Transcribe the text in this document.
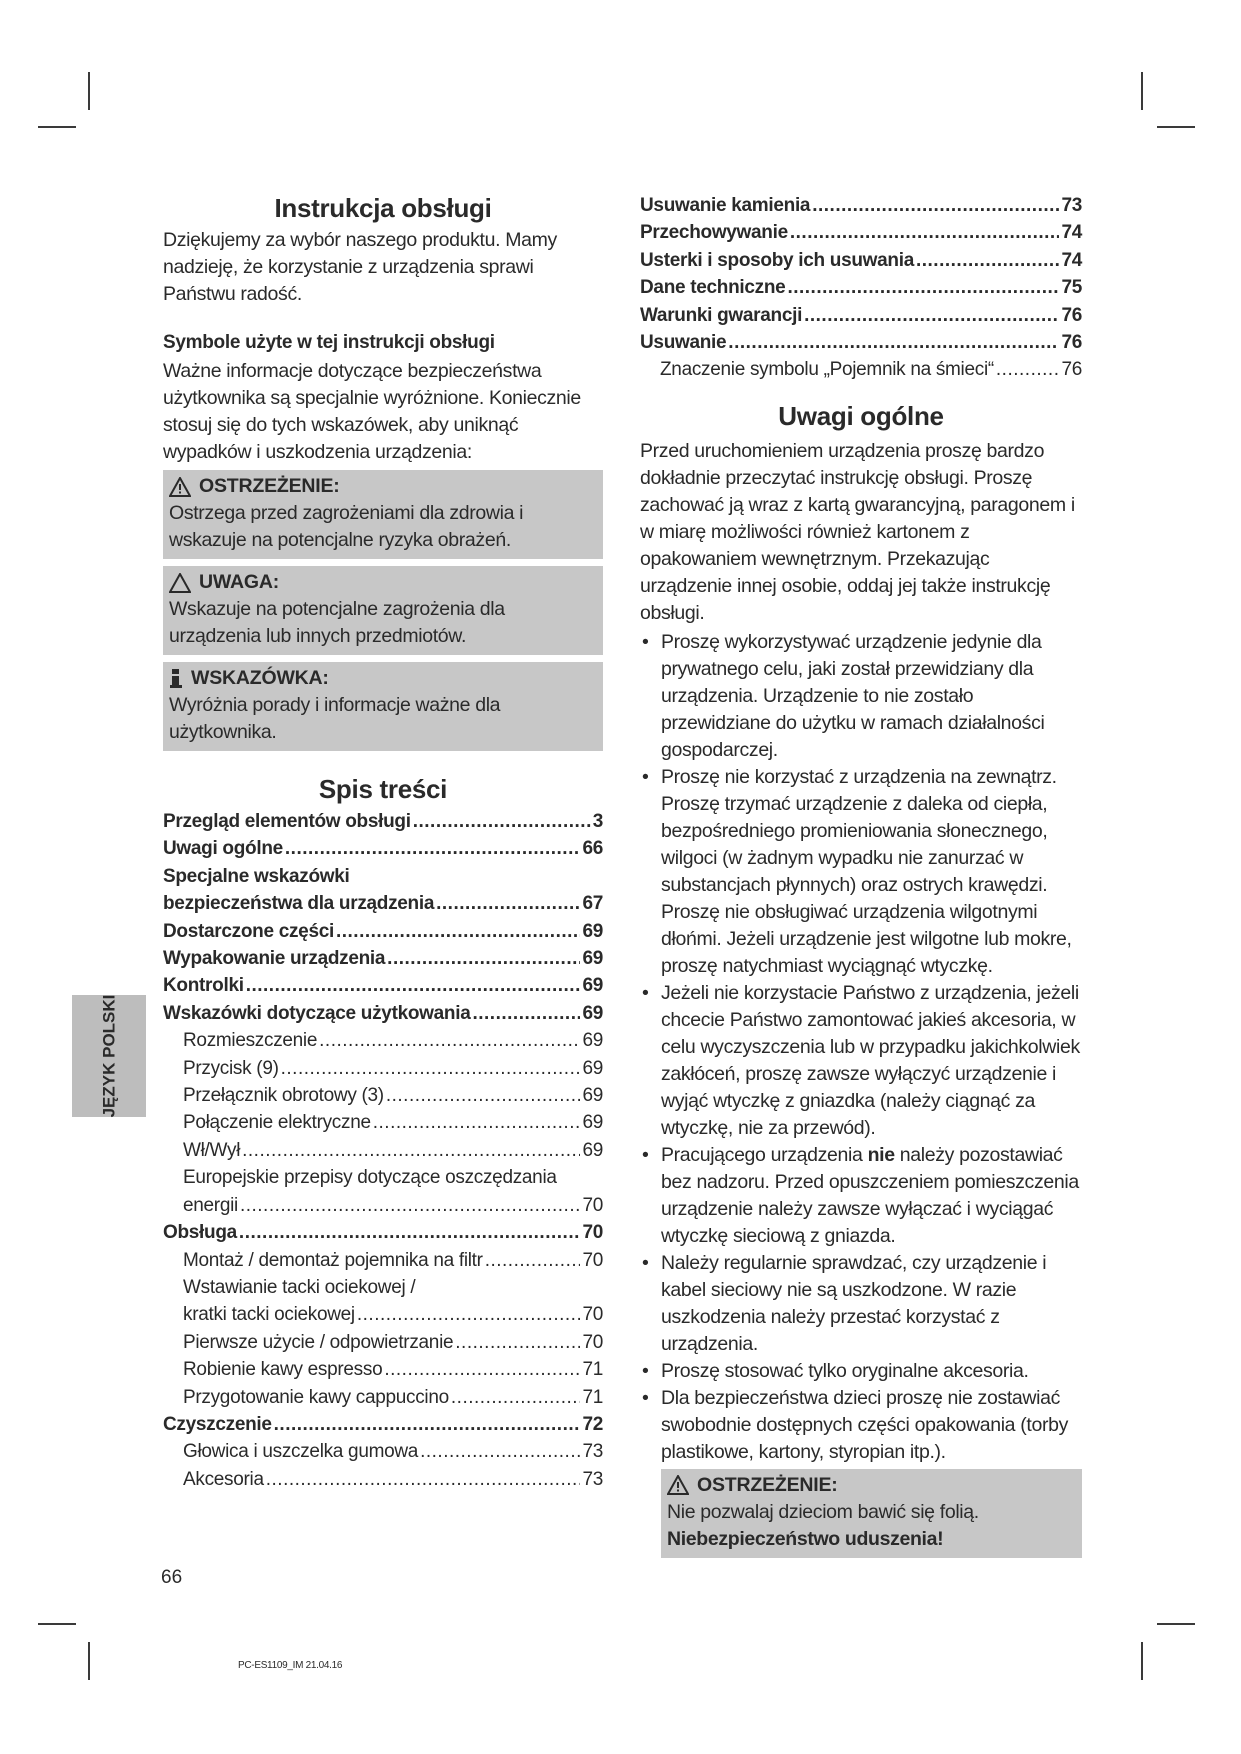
Instrukcja obsługi

Dziękujemy za wybór naszego produktu. Mamy nadzieję, że korzystanie z urządzenia sprawi Państwu radość.

Symbole użyte w tej instrukcji obsługi

Ważne informacje dotyczące bezpieczeństwa użytkownika są specjalnie wyróżnione. Koniecznie stosuj się do tych wskazówek, aby uniknąć wypadków i uszkodzenia urządzenia:

OSTRZEŻENIE:
Ostrzega przed zagrożeniami dla zdrowia i wskazuje na potencjalne ryzyka obrażeń.
UWAGA:
Wskazuje na potencjalne zagrożenia dla urządzenia lub innych przedmiotów.
WSKAZÓWKA:
Wyróżnia porady i informacje ważne dla użytkownika.
Spis treści
Przegląd elementów obsługi .....	3
Uwagi ogólne .....	66
Specjalne wskazówki
bezpieczeństwa dla urządzenia .....	67
Dostarczone części .....	69
Wypakowanie urządzenia .....	69
Kontrolki .....	69
Wskazówki dotyczące użytkowania .....	69
Rozmieszczenie .....	69
Przycisk (9) .....	69
Przełącznik obrotowy (3) .....	69
Połączenie elektryczne .....	69
Wł/Wył .....	69
Europejskie przepisy dotyczące oszczędzania
energii .....	70
Obsługa .....	70
Montaż / demontaż pojemnika na filtr .....	70
Wstawianie tacki ociekowej /
kratki tacki ociekowej .....	70
Pierwsze użycie / odpowietrzanie .....	70
Robienie kawy espresso .....	71
Przygotowanie kawy cappuccino .....	71
Czyszczenie .....	72
Głowica i uszczelka gumowa .....	73
Akcesoria .....	73
Usuwanie kamienia .....	73
Przechowywanie .....	74
Usterki i sposoby ich usuwania .....	74
Dane techniczne .....	75
Warunki gwarancji .....	76
Usuwanie .....	76
Znaczenie symbolu „Pojemnik na śmieci“ .....	76
Uwagi ogólne

Przed uruchomieniem urządzenia proszę bardzo dokładnie przeczytać instrukcję obsługi. Proszę zachować ją wraz z kartą gwarancyjną, paragonem i w miarę możliwości również kartonem z opakowaniem wewnętrznym. Przekazując urządzenie innej osobie, oddaj jej także instrukcję obsługi.

• Proszę wykorzystywać urządzenie jedynie dla prywatnego celu, jaki został przewidziany dla urządzenia. Urządzenie to nie zostało przewidziane do użytku w ramach działalności gospodarczej.
• Proszę nie korzystać z urządzenia na zewnątrz. Proszę trzymać urządzenie z daleka od ciepła, bezpośredniego promieniowania słonecznego, wilgoci (w żadnym wypadku nie zanurzać w substancjach płynnych) oraz ostrych krawędzi. Proszę nie obsługiwać urządzenia wilgotnymi dłońmi. Jeżeli urządzenie jest wilgotne lub mokre, proszę natychmiast wyciągnąć wtyczkę.
• Jeżeli nie korzystacie Państwo z urządzenia, jeżeli chcecie Państwo zamontować jakieś akcesoria, w celu wyczyszczenia lub w przypadku jakichkolwiek zakłóceń, proszę zawsze wyłączyć urządzenie i wyjąć wtyczkę z gniazdka (należy ciągnąć za wtyczkę, nie za przewód).
• Pracującego urządzenia nie należy pozostawiać bez nadzoru. Przed opuszczeniem pomieszczenia urządzenie należy zawsze wyłączać i wyciągać wtyczkę sieciową z gniazda.
• Należy regularnie sprawdzać, czy urządzenie i kabel sieciowy nie są uszkodzone. W razie uszkodzenia należy przestać korzystać z urządzenia.
• Proszę stosować tylko oryginalne akcesoria.
• Dla bezpieczeństwa dzieci proszę nie zostawiać swobodnie dostępnych części opakowania (torby plastikowe, kartony, styropian itp.).
OSTRZEŻENIE:
Nie pozwalaj dzieciom bawić się folią. Niebezpieczeństwo uduszenia!
JĘZYK POLSKI
66
PC-ES1109_IM 21.04.16
